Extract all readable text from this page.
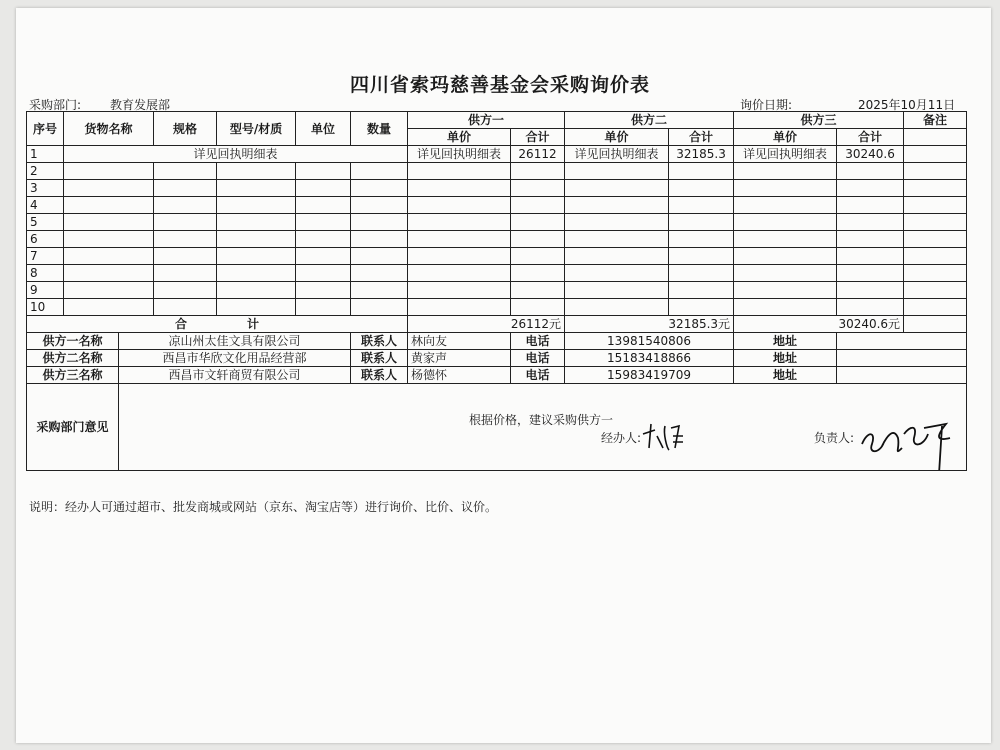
四川省索玛慈善基金会采购询价表
采购部门: 教育发展部	询价日期:	2025年10月11日
序号	货物名称		规格	型号/材质	单位	数量	供方一		供方二		供方三		备注
							单价	合计	单价	合计	单价	合计	
1	详见回执明细表						详见回执明细表	26112	详见回执明细表	32185.3	详见回执明细表	30240.6	
2													
3													
4													
5													
6													
7													
8													
9													
10													
合 计							26112元		32185.3元		30240.6元		
供方一名称		凉山州太佳文具有限公司				联系人	林向友	电话	13981540806		地址		
供方二名称		西昌市华欣文化用品经营部				联系人	黄家声	电话	15183418866		地址		
供方三名称		西昌市文轩商贸有限公司				联系人	杨德怀	电话	15983419709		地址		
采购部门意见		根据价格，建议采购供方一
经办人: 负责人:											
说明：经办人可通过超市、批发商城或网站（京东、淘宝店等）进行询价、比价、议价。
